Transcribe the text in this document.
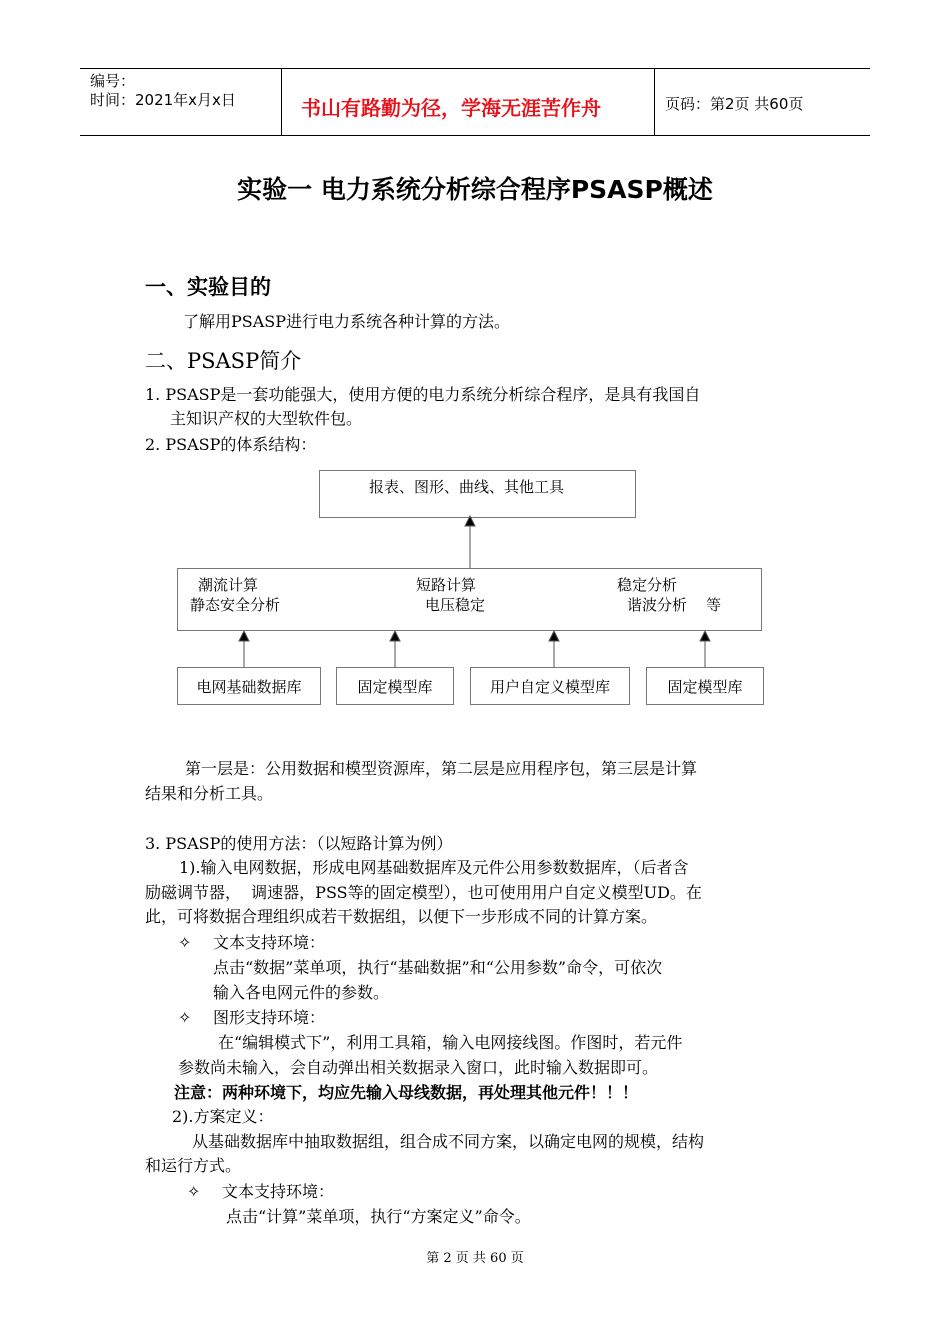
编号：
时间：2021年x月x日	书山有路勤为径，学海无涯苦作舟	页码：第2页 共60页
实验一 电力系统分析综合程序PSASP概述
一、实验目的
了解用PSASP进行电力系统各种计算的方法。
二、PSASP简介
1. PSASP是一套功能强大，使用方便的电力系统分析综合程序，是具有我国自
主知识产权的大型软件包。
2. PSASP的体系结构：
报表、图形、曲线、其他工具
潮流计算
静态安全分析
短路计算
电压稳定
稳定分析
谐波分析    等
电网基础数据库	固定模型库	用户自定义模型库	固定模型库
第一层是：公用数据和模型资源库，第二层是应用程序包，第三层是计算
结果和分析工具。
3. PSASP的使用方法：（以短路计算为例）
1).输入电网数据，形成电网基础数据库及元件公用参数数据库，（后者含
励磁调节器，  调速器，PSS等的固定模型），也可使用用户自定义模型UD。在
此，可将数据合理组织成若干数据组，以便下一步形成不同的计算方案。
✧ 文本支持环境：
点击“数据”菜单项，执行“基础数据”和“公用参数”命令，可依次
输入各电网元件的参数。
✧ 图形支持环境：
在“编辑模式下”，利用工具箱，输入电网接线图。作图时，若元件
参数尚未输入，会自动弹出相关数据录入窗口，此时输入数据即可。
注意：两种环境下，均应先输入母线数据，再处理其他元件！！！
2).方案定义：
从基础数据库中抽取数据组，组合成不同方案，以确定电网的规模，结构
和运行方式。
✧ 文本支持环境：
点击“计算”菜单项，执行“方案定义”命令。
第 2 页 共 60 页
